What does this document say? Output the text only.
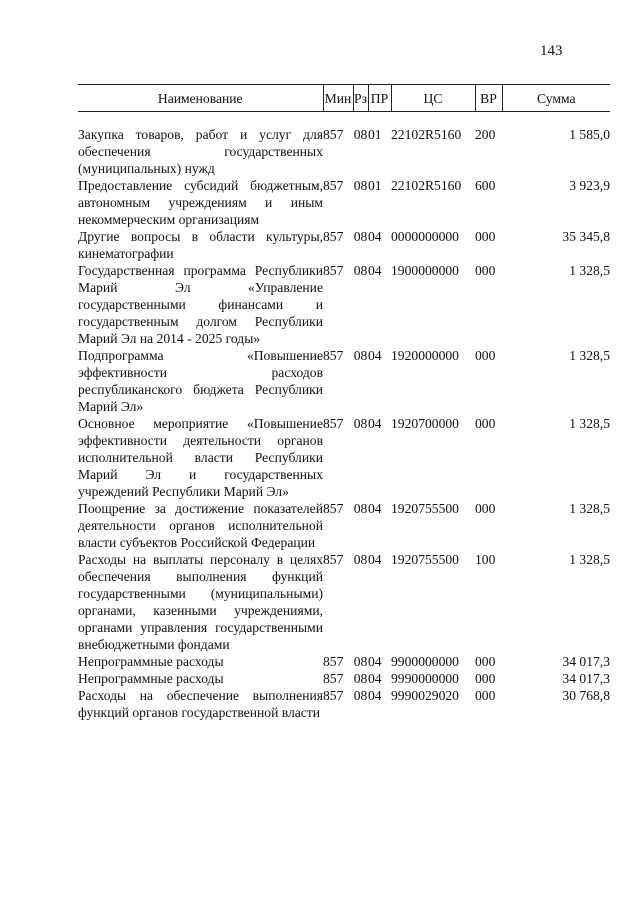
143
Наименование	Мин	Рз	ПР	ЦС	ВР	Сумма

Закупка товаров, работ и услуг для обеспечения государственных (муниципальных) нужд	857	08	01	22102R5160	200	1 585,0
Предоставление субсидий бюджетным, автономным учреждениям и иным некоммерческим организациям	857	08	01	22102R5160	600	3 923,9
Другие вопросы в области культуры, кинематографии	857	08	04	0000000000	000	35 345,8
Государственная программа Республики Марий Эл «Управление государственными финансами и государственным долгом Республики Марий Эл на 2014 - 2025 годы»	857	08	04	1900000000	000	1 328,5
Подпрограмма «Повышение эффективности расходов республиканского бюджета Республики Марий Эл»	857	08	04	1920000000	000	1 328,5
Основное мероприятие «Повышение эффективности деятельности органов исполнительной власти Республики Марий Эл и государственных учреждений Республики Марий Эл»	857	08	04	1920700000	000	1 328,5
Поощрение за достижение показателей деятельности органов исполнительной власти субъектов Российской Федерации	857	08	04	1920755500	000	1 328,5
Расходы на выплаты персоналу в целях обеспечения выполнения функций государственными (муниципальными) органами, казенными учреждениями, органами управления государственными внебюджетными фондами	857	08	04	1920755500	100	1 328,5
Непрограммные расходы	857	08	04	9900000000	000	34 017,3
Непрограммные расходы	857	08	04	9990000000	000	34 017,3
Расходы на обеспечение выполнения функций органов государственной власти	857	08	04	9990029020	000	30 768,8
